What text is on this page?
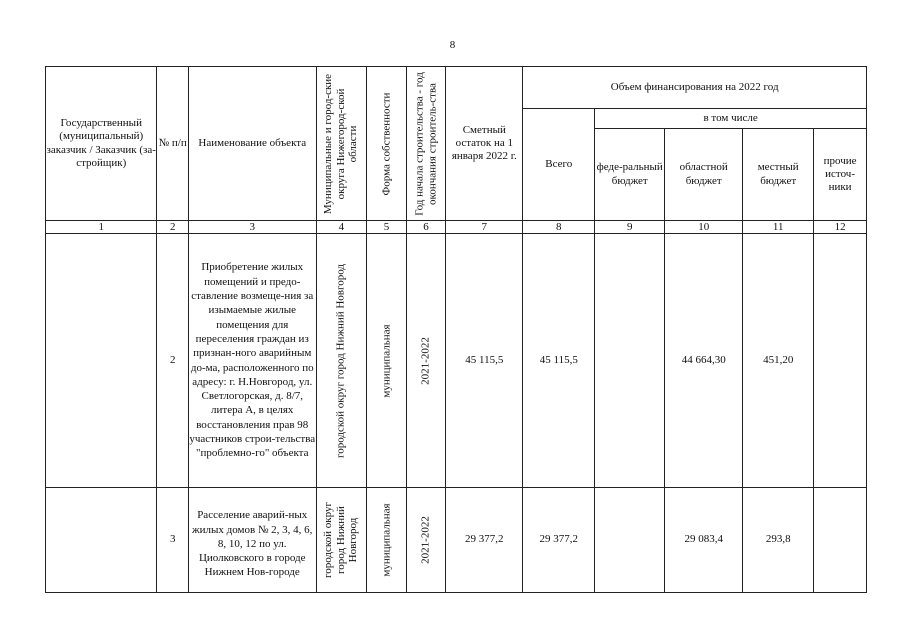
8
Государственный (муниципальный) заказчик / Заказчик (за-стройщик)	№ п/п	Наименование объекта	Муниципальные и город-ские округа Нижегород-ской области	Форма собственности	Год начала строительства - год окончания строитель-ства	Сметный остаток на 1 января 2022 г.	Объем финансирования на 2022 год				
							Всего	в том числе			
								феде-ральный бюджет	областной бюджет	местный бюджет	прочие источ-ники
1	2	3	4	5	6	7	8	9	10	11	12
	2	Приобретение жилых помещений и предо-ставление возмеще-ния за изымаемые жилые помещения для переселения граждан из признан-ного аварийным до-ма, расположенного по адресу: г. Н.Новгород, ул. Светлогорская, д. 8/7, литера А, в целях восстановления прав 98 участников строи-тельства "проблемно-го" объекта	городской округ город Нижний Новгород	муниципальная	2021-2022	45 115,5	45 115,5		44 664,30	451,20	
	3	Расселение аварий-ных жилых домов № 2, 3, 4, 6, 8, 10, 12 по ул. Циолковского в городе Нижнем Нов-городе	городской округ город Нижний Новгород	муниципальная	2021-2022	29 377,2	29 377,2		29 083,4	293,8	
